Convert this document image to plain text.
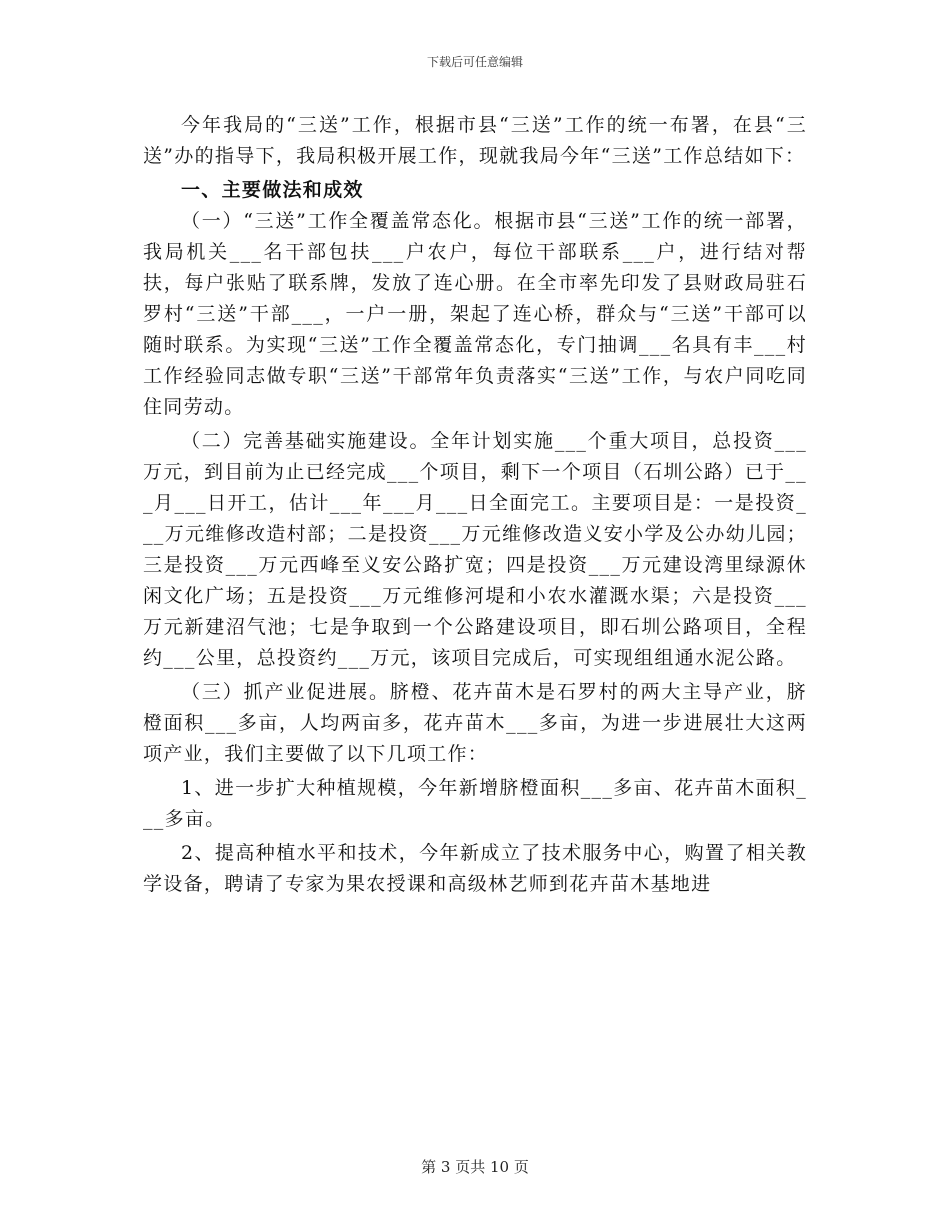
下载后可任意编辑

今年我局的“三送”工作，根据市县“三送”工作的统一布署，在县“三送”办的指导下，我局积极开展工作，现就我局今年“三送”工作总结如下：

一、主要做法和成效

（一）“三送”工作全覆盖常态化。根据市县“三送”工作的统一部署，我局机关___名干部包扶___户农户，每位干部联系___户，进行结对帮扶，每户张贴了联系牌，发放了连心册。在全市率先印发了县财政局驻石罗村“三送”干部___，一户一册，架起了连心桥，群众与“三送”干部可以随时联系。为实现“三送”工作全覆盖常态化，专门抽调___名具有丰___村工作经验同志做专职“三送”干部常年负责落实“三送”工作，与农户同吃同住同劳动。

（二）完善基础实施建设。全年计划实施___个重大项目，总投资___万元，到目前为止已经完成___个项目，剩下一个项目（石圳公路）已于___月___日开工，估计___年___月___日全面完工。主要项目是：一是投资___万元维修改造村部；二是投资___万元维修改造义安小学及公办幼儿园；三是投资___万元西峰至义安公路扩宽；四是投资___万元建设湾里绿源休闲文化广场；五是投资___万元维修河堤和小农水灌溉水渠；六是投资___万元新建沼气池；七是争取到一个公路建设项目，即石圳公路项目，全程约___公里，总投资约___万元，该项目完成后，可实现组组通水泥公路。

（三）抓产业促进展。脐橙、花卉苗木是石罗村的两大主导产业，脐橙面积___多亩，人均两亩多，花卉苗木___多亩，为进一步进展壮大这两项产业，我们主要做了以下几项工作：

1、进一步扩大种植规模，今年新增脐橙面积___多亩、花卉苗木面积___多亩。

2、提高种植水平和技术，今年新成立了技术服务中心，购置了相关教学设备，聘请了专家为果农授课和高级林艺师到花卉苗木基地进

第 3 页共 10 页
